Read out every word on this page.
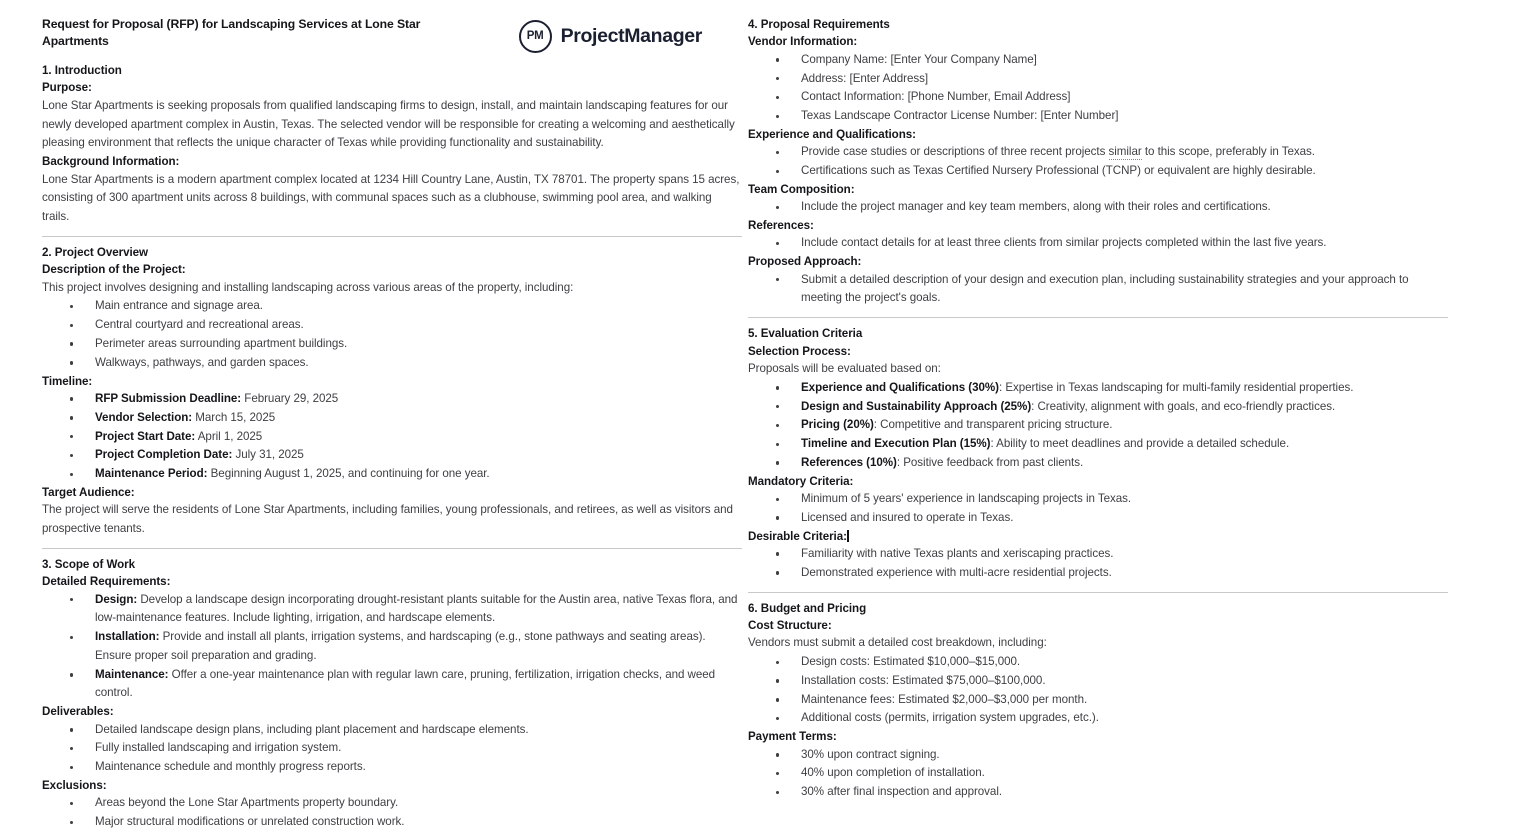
Request for Proposal (RFP) for Landscaping Services at Lone Star Apartments	PM ProjectManager
1. Introduction
Purpose:

Lone Star Apartments is seeking proposals from qualified landscaping firms to design, install, and maintain landscaping features for our newly developed apartment complex in Austin, Texas. The selected vendor will be responsible for creating a welcoming and aesthetically pleasing environment that reflects the unique character of Texas while providing functionality and sustainability.

Background Information:

Lone Star Apartments is a modern apartment complex located at 1234 Hill Country Lane, Austin, TX 78701. The property spans 15 acres, consisting of 300 apartment units across 8 buildings, with communal spaces such as a clubhouse, swimming pool area, and walking trails.

2. Project Overview
Description of the Project:

This project involves designing and installing landscaping across various areas of the property, including:

Main entrance and signage area.
Central courtyard and recreational areas.
Perimeter areas surrounding apartment buildings.
Walkways, pathways, and garden spaces.
Timeline:
RFP Submission Deadline: February 29, 2025
Vendor Selection: March 15, 2025
Project Start Date: April 1, 2025
Project Completion Date: July 31, 2025
Maintenance Period: Beginning August 1, 2025, and continuing for one year.
Target Audience:

The project will serve the residents of Lone Star Apartments, including families, young professionals, and retirees, as well as visitors and prospective tenants.

3. Scope of Work
Detailed Requirements:
Design: Develop a landscape design incorporating drought-resistant plants suitable for the Austin area, native Texas flora, and low-maintenance features. Include lighting, irrigation, and hardscape elements.
Installation: Provide and install all plants, irrigation systems, and hardscaping (e.g., stone pathways and seating areas). Ensure proper soil preparation and grading.
Maintenance: Offer a one-year maintenance plan with regular lawn care, pruning, fertilization, irrigation checks, and weed control.
Deliverables:
Detailed landscape design plans, including plant placement and hardscape elements.
Fully installed landscaping and irrigation system.
Maintenance schedule and monthly progress reports.
Exclusions:
Areas beyond the Lone Star Apartments property boundary.
Major structural modifications or unrelated construction work.
4. Proposal Requirements
Vendor Information:
Company Name: [Enter Your Company Name]
Address: [Enter Address]
Contact Information: [Phone Number, Email Address]
Texas Landscape Contractor License Number: [Enter Number]
Experience and Qualifications:
Provide case studies or descriptions of three recent projects similar to this scope, preferably in Texas.
Certifications such as Texas Certified Nursery Professional (TCNP) or equivalent are highly desirable.
Team Composition:
Include the project manager and key team members, along with their roles and certifications.
References:
Include contact details for at least three clients from similar projects completed within the last five years.
Proposed Approach:
Submit a detailed description of your design and execution plan, including sustainability strategies and your approach to meeting the project's goals.
5. Evaluation Criteria
Selection Process:

Proposals will be evaluated based on:

Experience and Qualifications (30%): Expertise in Texas landscaping for multi-family residential properties.
Design and Sustainability Approach (25%): Creativity, alignment with goals, and eco-friendly practices.
Pricing (20%): Competitive and transparent pricing structure.
Timeline and Execution Plan (15%): Ability to meet deadlines and provide a detailed schedule.
References (10%): Positive feedback from past clients.
Mandatory Criteria:
Minimum of 5 years' experience in landscaping projects in Texas.
Licensed and insured to operate in Texas.
Desirable Criteria:
Familiarity with native Texas plants and xeriscaping practices.
Demonstrated experience with multi-acre residential projects.
6. Budget and Pricing
Cost Structure:

Vendors must submit a detailed cost breakdown, including:

Design costs: Estimated $10,000–$15,000.
Installation costs: Estimated $75,000–$100,000.
Maintenance fees: Estimated $2,000–$3,000 per month.
Additional costs (permits, irrigation system upgrades, etc.).
Payment Terms:
30% upon contract signing.
40% upon completion of installation.
30% after final inspection and approval.
